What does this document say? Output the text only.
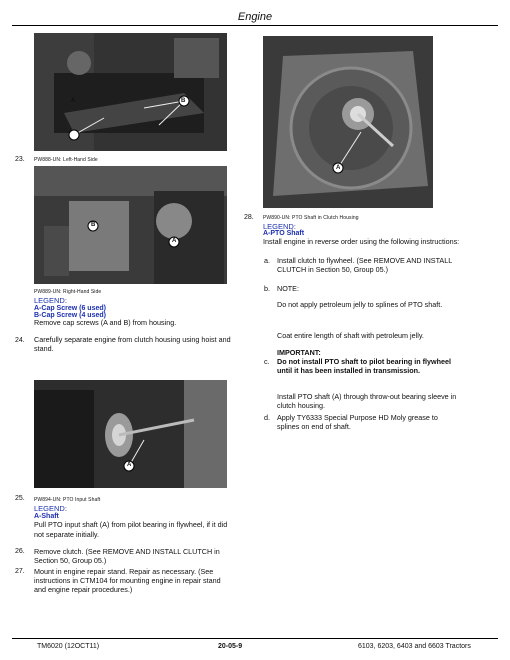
Engine
A	B
23. PW888-UN: Left-Hand Side
B
A
PW889-UN: Right-Hand Side
LEGEND:
A-Cap Screw (6 used)
B-Cap Screw (4 used)
Remove cap screws (A and B) from housing.
24. Carefully separate engine from clutch housing using hoist and
stand.
A
25. PW894-UN: PTO Input Shaft
LEGEND:
A-Shaft
Pull PTO input shaft (A) from pilot bearing in flywheel, if it did
not separate initially.
26. Remove clutch. (See REMOVE AND INSTALL CLUTCH in
Section 50, Group 05.)
27. Mount in engine repair stand. Repair as necessary. (See
instructions in CTM104 for mounting engine in repair stand
and engine repair procedures.)
A
28. PW890-UN: PTO Shaft in Clutch Housing
LEGEND:
A-PTO Shaft
Install engine in reverse order using the following instructions:
a. Install clutch to flywheel. (See REMOVE AND INSTALL
CLUTCH in Section 50, Group 05.)
b. NOTE:
Do not apply petroleum jelly to splines of PTO shaft.
Coat entire length of shaft with petroleum jelly.
IMPORTANT:
c. Do not install PTO shaft to pilot bearing in flywheel
until it has been installed in transmission.
Install PTO shaft (A) through throw-out bearing sleeve in
clutch housing.
d. Apply TY6333 Special Purpose HD Moly grease to
splines on end of shaft.
TM6020 (12OCT11)	20-05-9	6103, 6203, 6403 and 6603 Tractors
